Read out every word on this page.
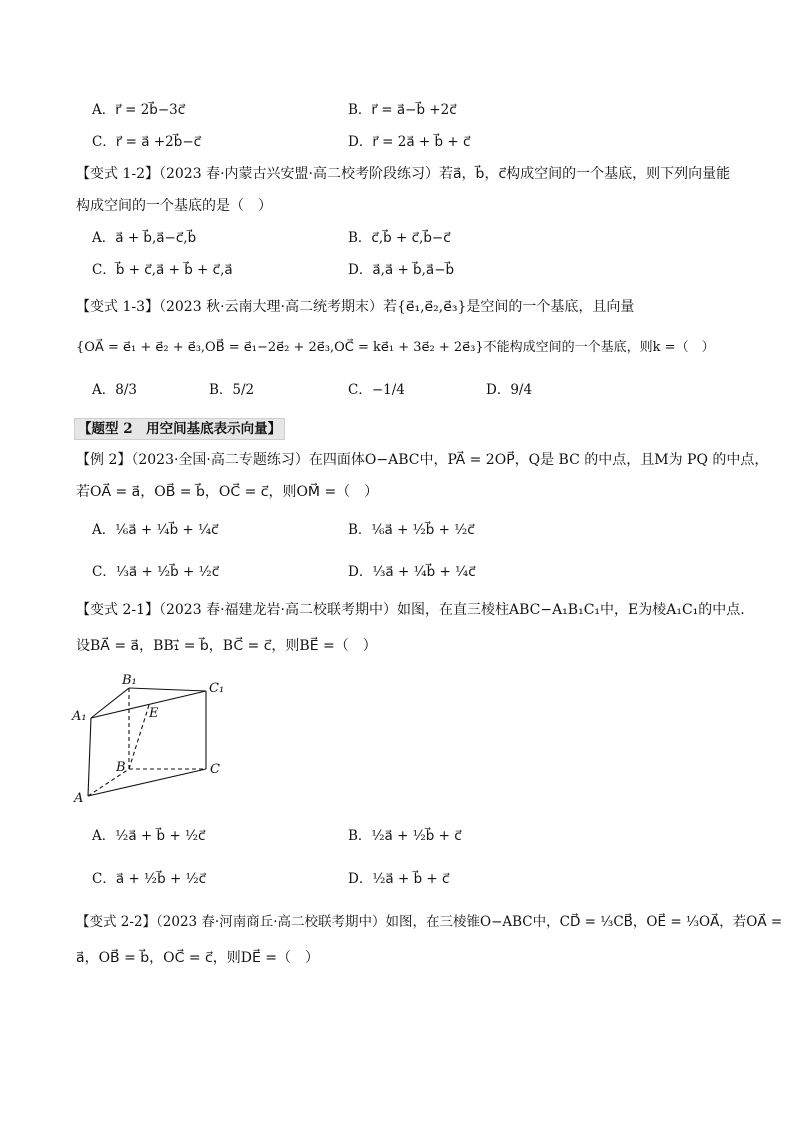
A．r⃗ = 2b⃗−3c⃗	B．r⃗ = a⃗−b⃗ +2c⃗
C．r⃗ = a⃗ +2b⃗−c⃗	D．r⃗ = 2a⃗ + b⃗ + c⃗
【变式 1-2】（2023 春·内蒙古兴安盟·高二校考阶段练习）若a⃗，b⃗，c⃗构成空间的一个基底，则下列向量能
构成空间的一个基底的是（　）
A．a⃗ + b⃗,a⃗−c⃗,b⃗	B．c⃗,b⃗ + c⃗,b⃗−c⃗
C．b⃗ + c⃗,a⃗ + b⃗ + c⃗,a⃗	D．a⃗,a⃗ + b⃗,a⃗−b⃗
【变式 1-3】（2023 秋·云南大理·高二统考期末）若{e⃗₁,e⃗₂,e⃗₃}是空间的一个基底，且向量
{OA⃗ = e⃗₁ + e⃗₂ + e⃗₃,OB⃗ = e⃗₁−2e⃗₂ + 2e⃗₃,OC⃗ = ke⃗₁ + 3e⃗₂ + 2e⃗₃}不能构成空间的一个基底，则k =（　）
A．8/3	B．5/2	C．−1/4	D．9/4
【题型 2　用空间基底表示向量】
【例 2】（2023·全国·高二专题练习）在四面体O−ABC中，PA⃗ = 2OP⃗，Q是 BC 的中点，且M为 PQ 的中点，
若OA⃗ = a⃗，OB⃗ = b⃗，OC⃗ = c⃗，则OM⃗ =（　）
A．¹⁄₆a⃗ + ¹⁄₄b⃗ + ¹⁄₄c⃗	B．¹⁄₆a⃗ + ¹⁄₂b⃗ + ¹⁄₂c⃗
C．¹⁄₃a⃗ + ¹⁄₂b⃗ + ¹⁄₂c⃗	D．¹⁄₃a⃗ + ¹⁄₄b⃗ + ¹⁄₄c⃗
【变式 2-1】（2023 春·福建龙岩·高二校联考期中）如图，在直三棱柱ABC−A₁B₁C₁中，E为棱A₁C₁的中点.
设BA⃗ = a⃗，BB₁⃗ = b⃗，BC⃗ = c⃗，则BE⃗ =（　）
B₁
C₁
A₁	E
B	C
A
A．¹⁄₂a⃗ + b⃗ + ¹⁄₂c⃗	B．¹⁄₂a⃗ + ¹⁄₂b⃗ + c⃗
C．a⃗ + ¹⁄₂b⃗ + ¹⁄₂c⃗	D．¹⁄₂a⃗ + b⃗ + c⃗
【变式 2-2】（2023 春·河南商丘·高二校联考期中）如图，在三棱锥O−ABC中，CD⃗ = ¹⁄₃CB⃗，OE⃗ = ¹⁄₃OA⃗，若OA⃗ =
a⃗，OB⃗ = b⃗，OC⃗ = c⃗，则DE⃗ =（　）
